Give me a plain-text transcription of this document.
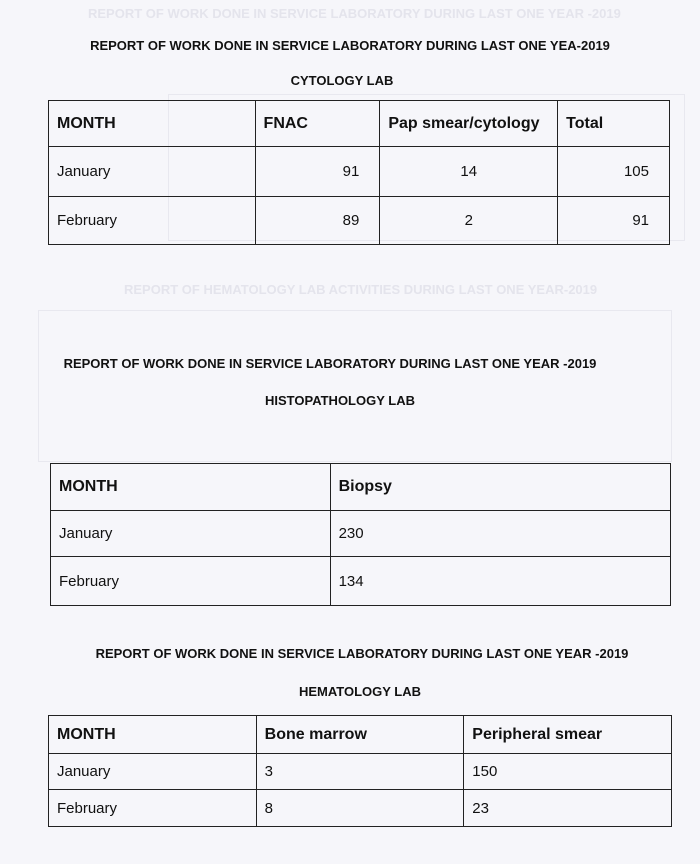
REPORT OF WORK DONE IN SERVICE LABORATORY DURING LAST ONE YEAR -2019
REPORT OF HEMATOLOGY LAB ACTIVITIES DURING LAST ONE YEAR-2019
REPORT OF WORK DONE IN SERVICE LABORATORY DURING LAST ONE YEA-2019
CYTOLOGY LAB
MONTH	FNAC	Pap smear/cytology	Total
January	91	14	105
February	89	2	91
REPORT OF WORK DONE IN SERVICE LABORATORY DURING LAST ONE YEAR -2019
HISTOPATHOLOGY LAB
MONTH	Biopsy
January	230
February	134
REPORT OF WORK DONE IN SERVICE LABORATORY DURING LAST ONE YEAR -2019
HEMATOLOGY LAB
MONTH	Bone marrow	Peripheral smear
January	3	150
February	8	23
